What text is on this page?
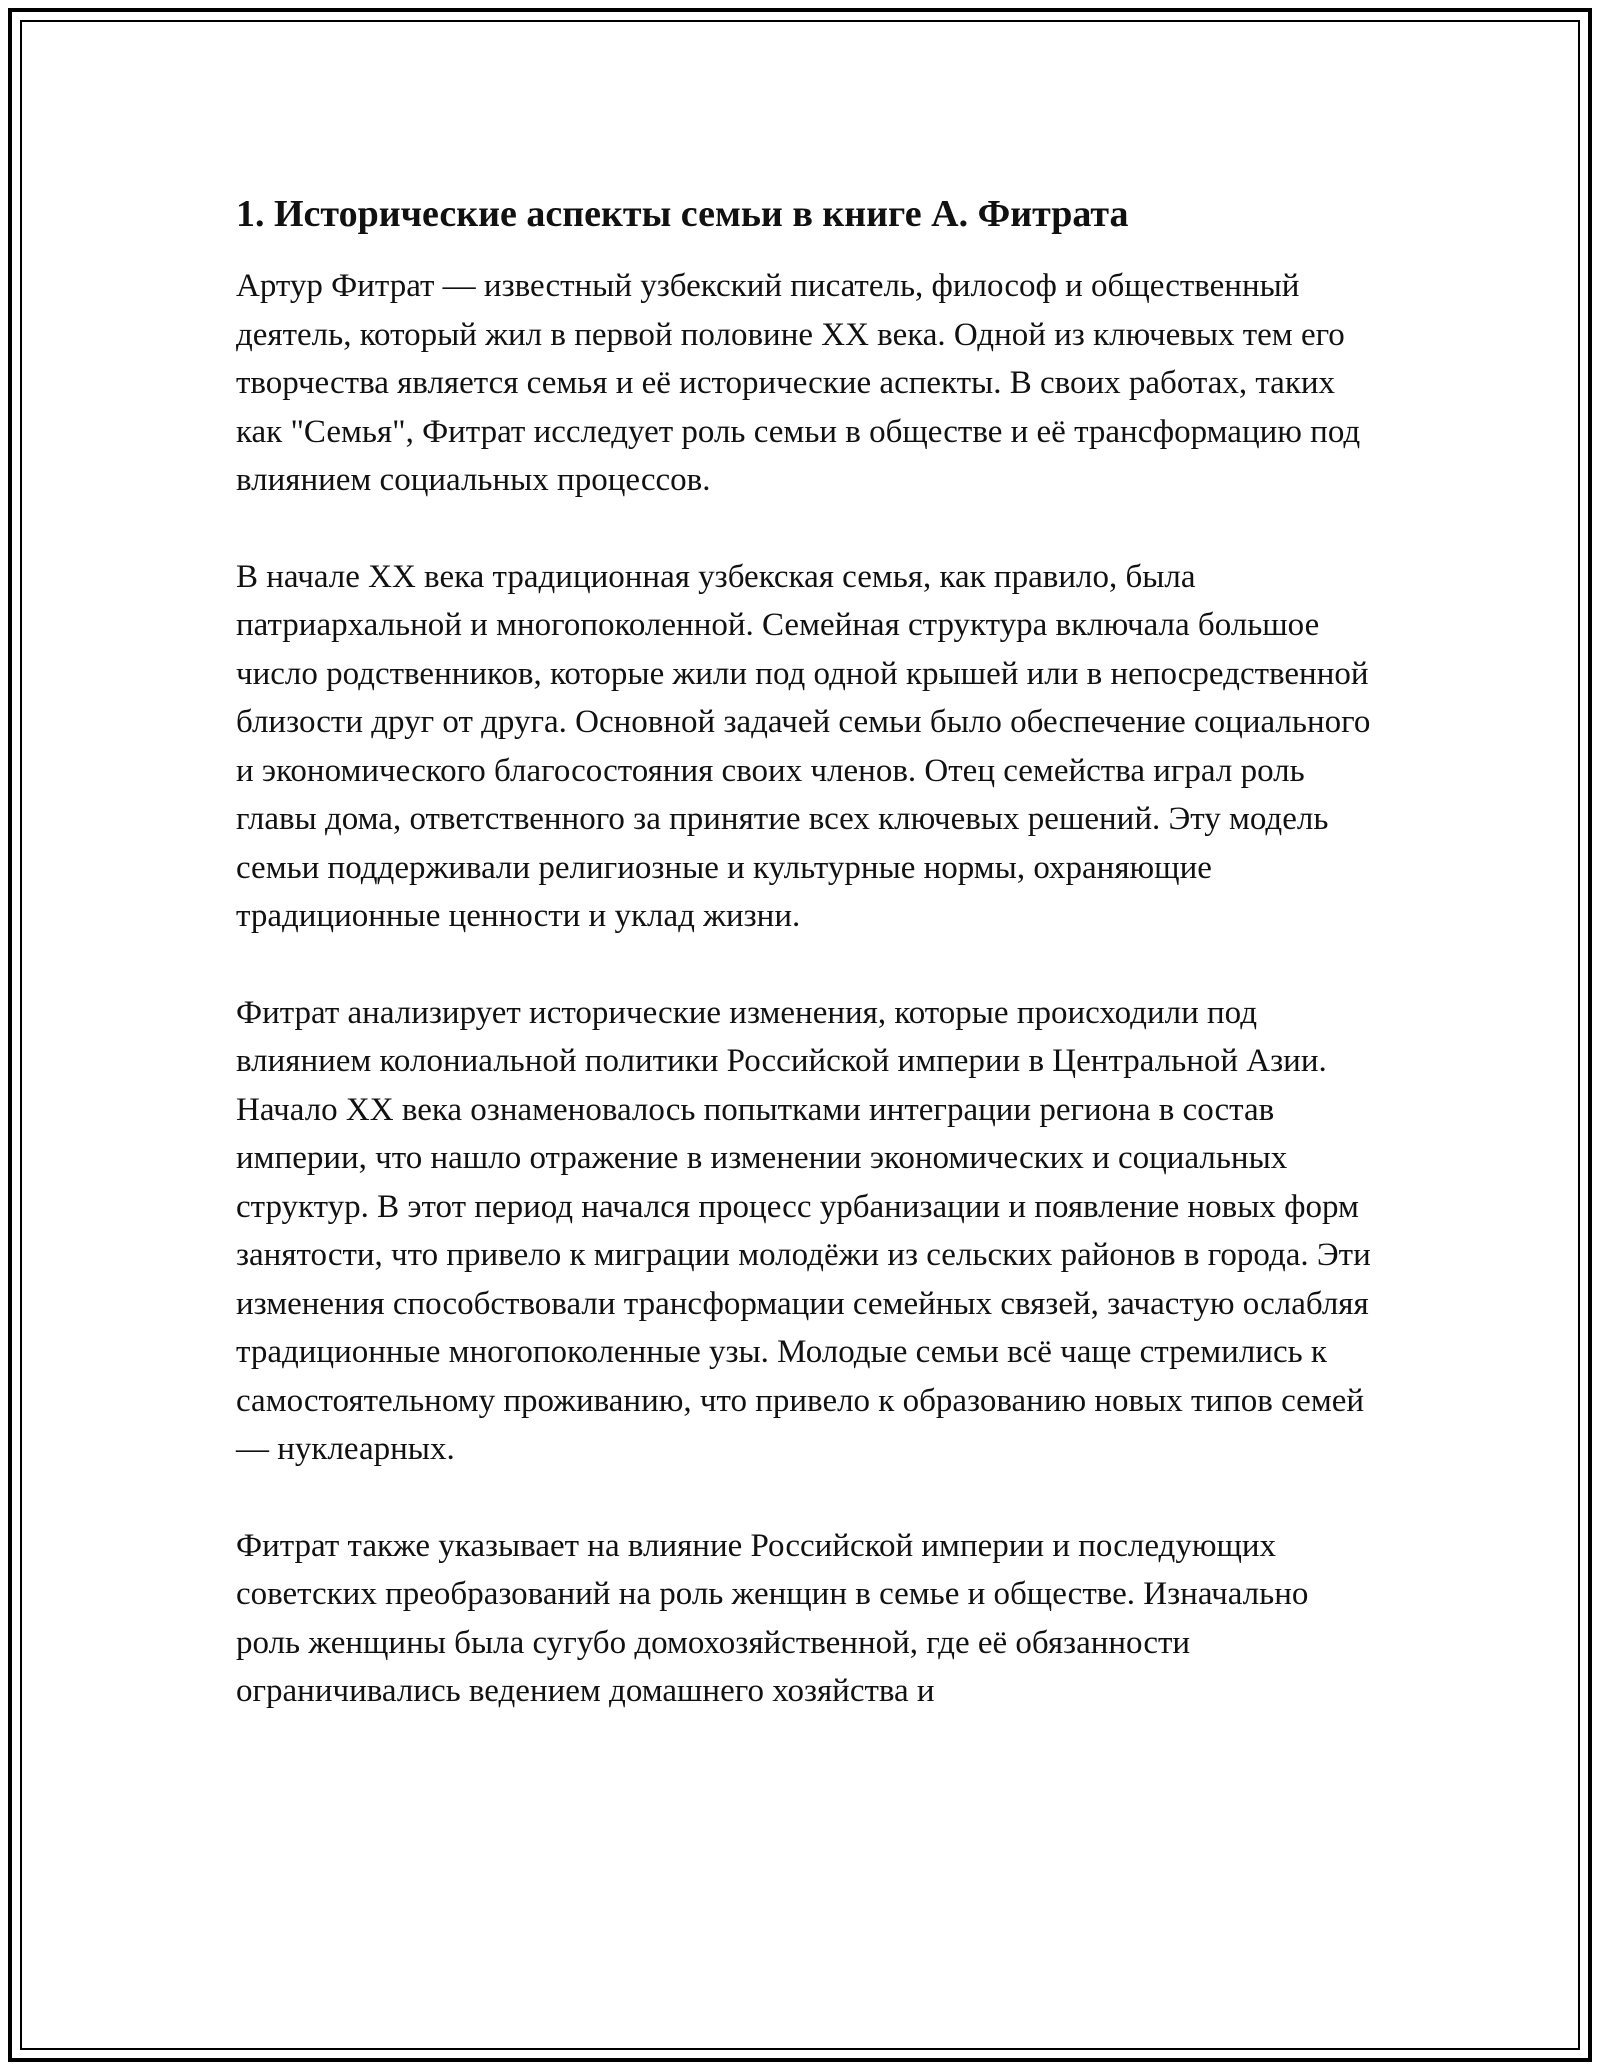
1. Исторические аспекты семьи в книге А. Фитрата

Артур Фитрат — известный узбекский писатель, философ и общественный деятель, который жил в первой половине XX века. Одной из ключевых тем его творчества является семья и её исторические аспекты. В своих работах, таких как "Семья", Фитрат исследует роль семьи в обществе и её трансформацию под влиянием социальных процессов.

В начале XX века традиционная узбекская семья, как правило, была патриархальной и многопоколенной. Семейная структура включала большое число родственников, которые жили под одной крышей или в непосредственной близости друг от друга. Основной задачей семьи было обеспечение социального и экономического благосостояния своих членов. Отец семейства играл роль главы дома, ответственного за принятие всех ключевых решений. Эту модель семьи поддерживали религиозные и культурные нормы, охраняющие традиционные ценности и уклад жизни.

Фитрат анализирует исторические изменения, которые происходили под влиянием колониальной политики Российской империи в Центральной Азии. Начало XX века ознаменовалось попытками интеграции региона в состав империи, что нашло отражение в изменении экономических и социальных структур. В этот период начался процесс урбанизации и появление новых форм занятости, что привело к миграции молодёжи из сельских районов в города. Эти изменения способствовали трансформации семейных связей, зачастую ослабляя традиционные многопоколенные узы. Молодые семьи всё чаще стремились к самостоятельному проживанию, что привело к образованию новых типов семей — нуклеарных.

Фитрат также указывает на влияние Российской империи и последующих советских преобразований на роль женщин в семье и обществе. Изначально роль женщины была сугубо домохозяйственной, где её обязанности ограничивались ведением домашнего хозяйства и
